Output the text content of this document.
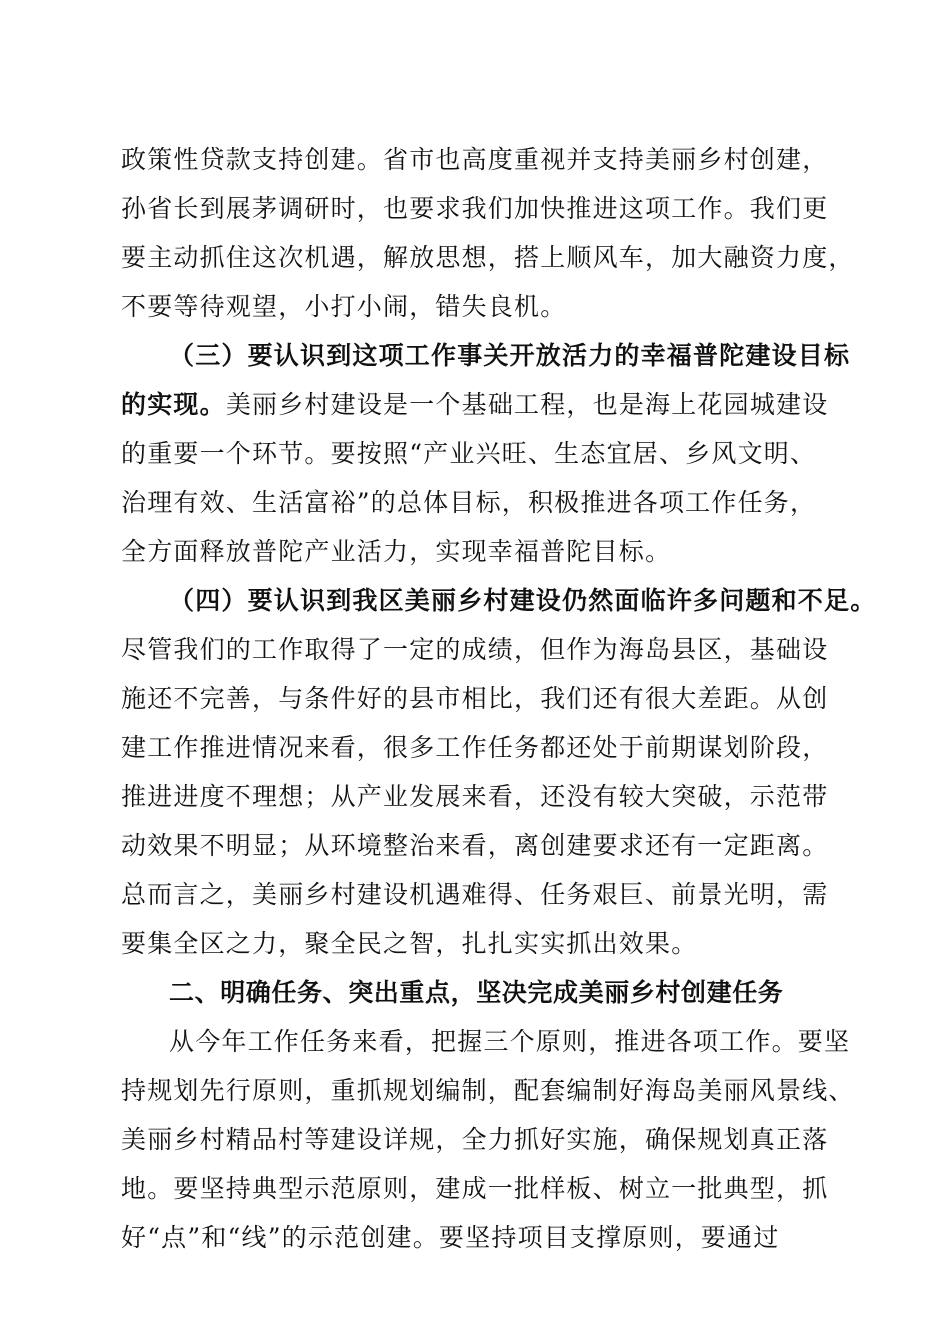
政策性贷款支持创建。省市也高度重视并支持美丽乡村创建，
孙省长到展茅调研时，也要求我们加快推进这项工作。我们更
要主动抓住这次机遇，解放思想，搭上顺风车，加大融资力度，
不要等待观望，小打小闹，错失良机。
（三）要认识到这项工作事关开放活力的幸福普陀建设目标
的实现。美丽乡村建设是一个基础工程，也是海上花园城建设
的重要一个环节。要按照“产业兴旺、生态宜居、乡风文明、
治理有效、生活富裕”的总体目标，积极推进各项工作任务，
全方面释放普陀产业活力，实现幸福普陀目标。
（四）要认识到我区美丽乡村建设仍然面临许多问题和不足。
尽管我们的工作取得了一定的成绩，但作为海岛县区，基础设
施还不完善，与条件好的县市相比，我们还有很大差距。从创
建工作推进情况来看，很多工作任务都还处于前期谋划阶段，
推进进度不理想；从产业发展来看，还没有较大突破，示范带
动效果不明显；从环境整治来看，离创建要求还有一定距离。
总而言之，美丽乡村建设机遇难得、任务艰巨、前景光明，需
要集全区之力，聚全民之智，扎扎实实抓出效果。
二、明确任务、突出重点，坚决完成美丽乡村创建任务
从今年工作任务来看，把握三个原则，推进各项工作。要坚
持规划先行原则，重抓规划编制，配套编制好海岛美丽风景线、
美丽乡村精品村等建设详规，全力抓好实施，确保规划真正落
地。要坚持典型示范原则，建成一批样板、树立一批典型，抓
好“点”和“线”的示范创建。要坚持项目支撑原则，要通过
